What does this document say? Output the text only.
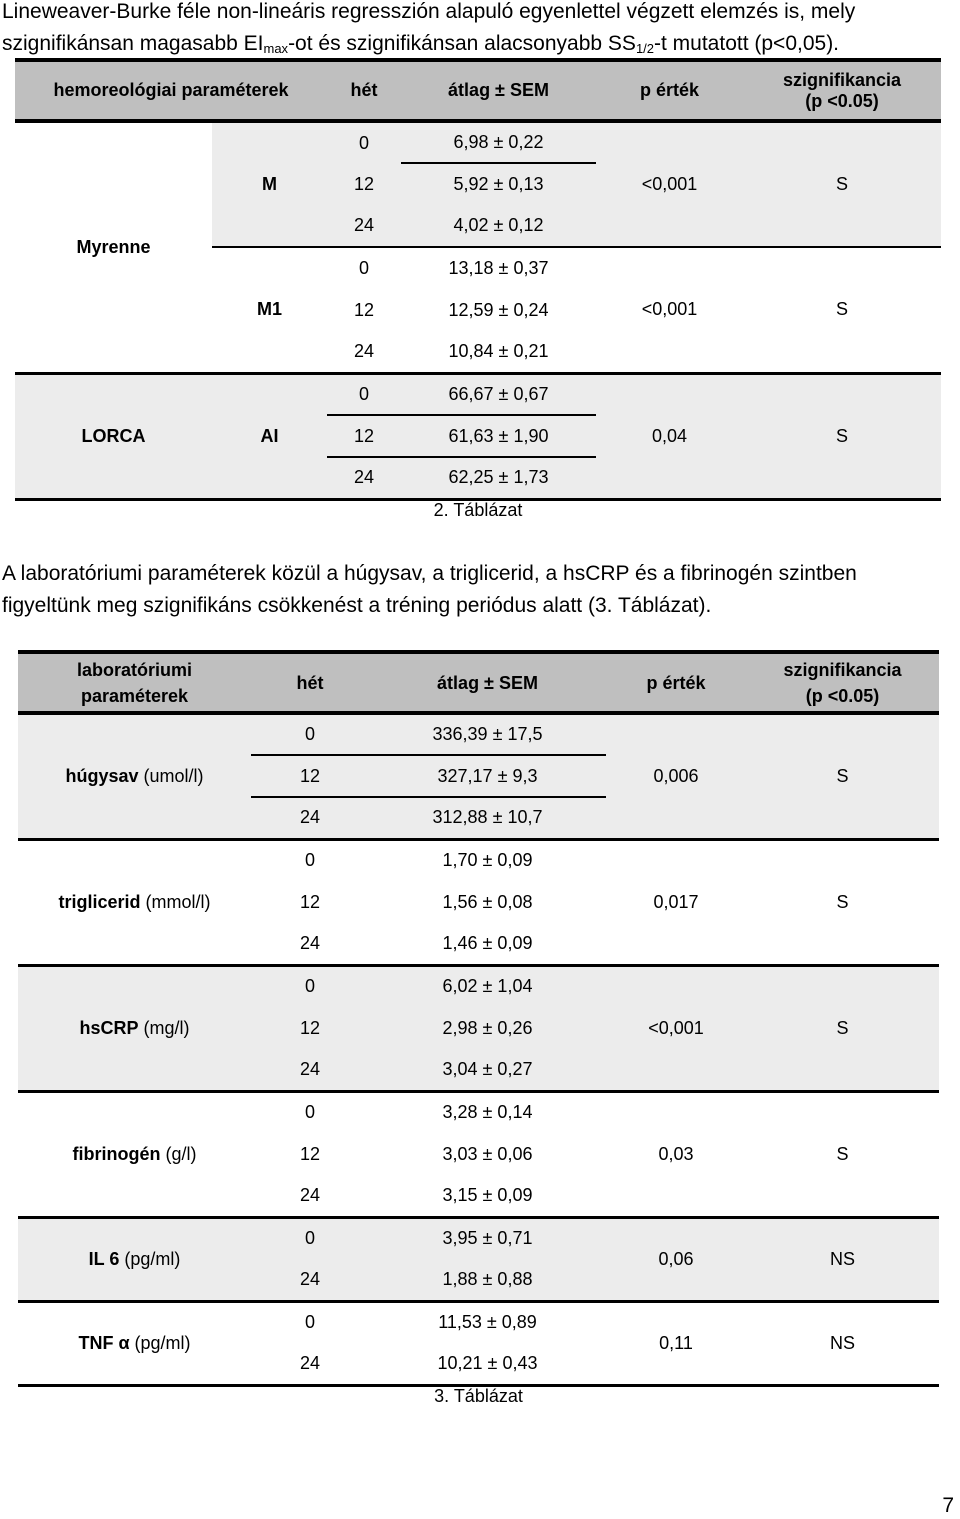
Lineweaver-Burke féle non-lineáris regresszión alapuló egyenlettel végzett elemzés is, mely
szignifikánsan magasabb $EI_{max}-ot$ és szignifikánsan alacsonyabb $SS_{1/2}-t$ mutatott (p<0,05).

hemoreológiai paraméterek		hét	átlag ± SEM	p érték	szignifikancia
(p <0.05)
Myrenne	M	0	6,98 ± 0,22	<0,001	S
		12	5,92 ± 0,13		
		24	4,02 ± 0,12		
	M1	0	13,18 ± 0,37	<0,001	S
		12	12,59 ± 0,24		
		24	10,84 ± 0,21		
LORCA	AI	0	66,67 ± 0,67	0,04	S
		12	61,63 ± 1,90		
		24	62,25 ± 1,73		
2. Táblázat

A laboratóriumi paraméterek közül a húgysav, a triglicerid, a hsCRP és a fibrinogén szintben
figyeltünk meg szignifikáns csökkenést a tréning periódus alatt (3. Táblázat).

laboratóriumi
paraméterek	hét	átlag ± SEM	p érték	szignifikancia
(p <0.05)
húgysav (umol/l)	0	336,39 ± 17,5	0,006	S
	12	327,17 ± 9,3		
	24	312,88 ± 10,7		
triglicerid (mmol/l)	0	1,70 ± 0,09	0,017	S
	12	1,56 ± 0,08		
	24	1,46 ± 0,09		
hsCRP (mg/l)	0	6,02 ± 1,04	<0,001	S
	12	2,98 ± 0,26		
	24	3,04 ± 0,27		
fibrinogén (g/l)	0	3,28 ± 0,14	0,03	S
	12	3,03 ± 0,06		
	24	3,15 ± 0,09		
IL 6 (pg/ml)	0	3,95 ± 0,71	0,06	NS
	24	1,88 ± 0,88		
TNF α (pg/ml)	0	11,53 ± 0,89	0,11	NS
	24	10,21 ± 0,43		
3. Táblázat
7
